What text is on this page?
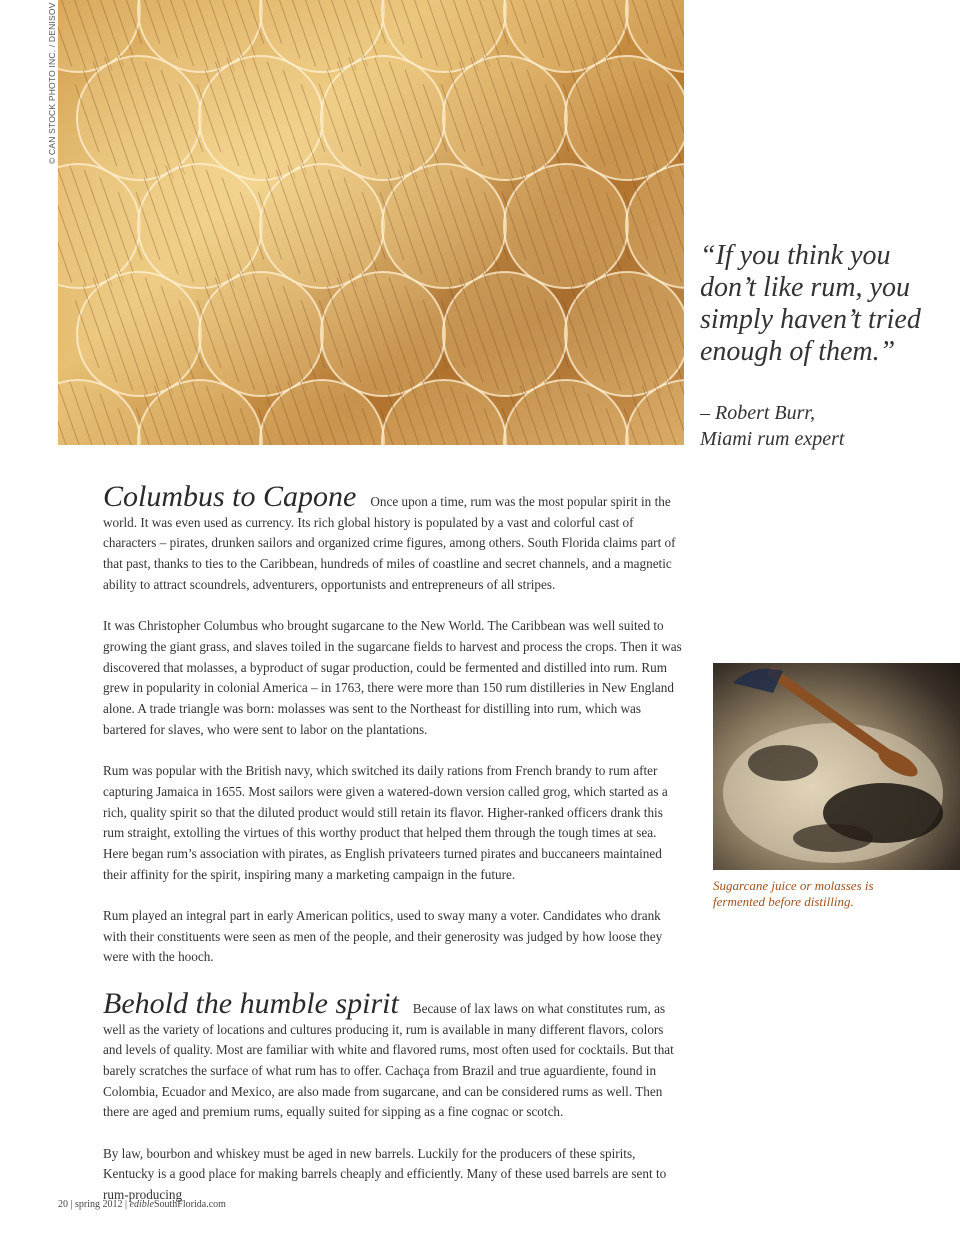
© CAN STOCK PHOTO INC. / DENISOV
“If you think you don’t like rum, you simply haven’t tried enough of them.”
– Robert Burr,
Miami rum expert

Columbus to Capone Once upon a time, rum was the most popular spirit in the world. It was even used as currency. Its rich global history is populated by a vast and colorful cast of characters – pirates, drunken sailors and organized crime figures, among others. South Florida claims part of that past, thanks to ties to the Caribbean, hundreds of miles of coastline and secret channels, and a magnetic ability to attract scoundrels, adventurers, opportunists and entrepreneurs of all stripes.

It was Christopher Columbus who brought sugarcane to the New World. The Caribbean was well suited to growing the giant grass, and slaves toiled in the sugarcane fields to harvest and process the crops. Then it was discovered that molasses, a byproduct of sugar production, could be fermented and distilled into rum. Rum grew in popularity in colonial America – in 1763, there were more than 150 rum distilleries in New England alone. A trade triangle was born: molasses was sent to the Northeast for distilling into rum, which was bartered for slaves, who were sent to labor on the plantations.

Rum was popular with the British navy, which switched its daily rations from French brandy to rum after capturing Jamaica in 1655. Most sailors were given a watered-down version called grog, which started as a rich, quality spirit so that the diluted product would still retain its flavor. Higher-ranked officers drank this rum straight, extolling the virtues of this worthy product that helped them through the tough times at sea. Here began rum’s association with pirates, as English privateers turned pirates and buccaneers maintained their affinity for the spirit, inspiring many a marketing campaign in the future.

Rum played an integral part in early American politics, used to sway many a voter. Candidates who drank with their constituents were seen as men of the people, and their generosity was judged by how loose they were with the hooch.

Behold the humble spirit Because of lax laws on what constitutes rum, as well as the variety of locations and cultures producing it, rum is available in many different flavors, colors and levels of quality. Most are familiar with white and flavored rums, most often used for cocktails. But that barely scratches the surface of what rum has to offer. Cachaça from Brazil and true aguardiente, found in Colombia, Ecuador and Mexico, are also made from sugarcane, and can be considered rums as well. Then there are aged and premium rums, equally suited for sipping as a fine cognac or scotch.

By law, bourbon and whiskey must be aged in new barrels. Luckily for the producers of these spirits, Kentucky is a good place for making barrels cheaply and efficiently. Many of these used barrels are sent to rum-producing

Sugarcane juice or molasses is fermented before distilling.
20 | spring 2012 | edibleSouthFlorida.com
